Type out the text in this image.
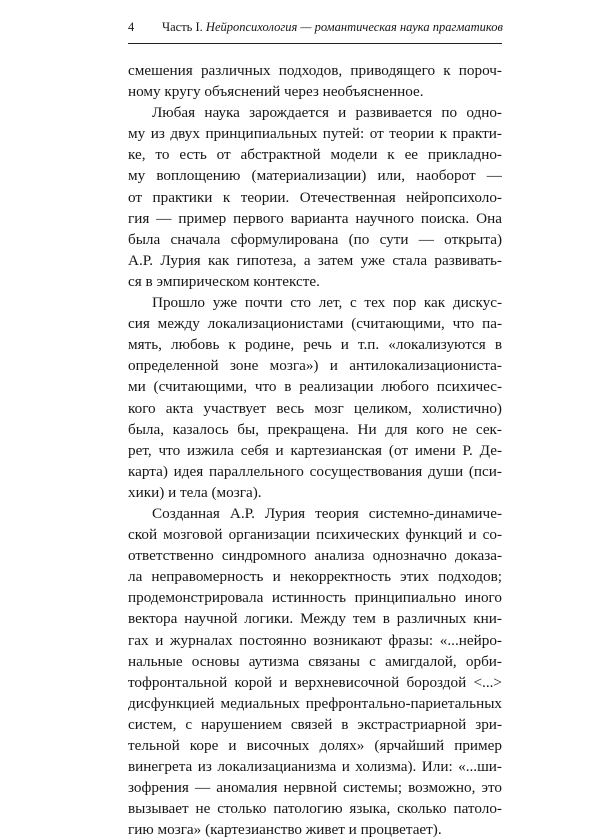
4	Часть I. Нейропсихология — романтическая наука прагматиков
смешения различных подходов, приводящего к пороч-
ному кругу объяснений через необъясненное.
Любая наука зарождается и развивается по одно-
му из двух принципиальных путей: от теории к практи-
ке, то есть от абстрактной модели к ее прикладно-
му воплощению (материализации) или, наоборот —
от практики к теории. Отечественная нейропсихоло-
гия — пример первого варианта научного поиска. Она
была сначала сформулирована (по сути — открыта)
А.Р. Лурия как гипотеза, а затем уже стала развивать-
ся в эмпирическом контексте.
Прошло уже почти сто лет, с тех пор как дискус-
сия между локализационистами (считающими, что па-
мять, любовь к родине, речь и т.п. «локализуются в
определенной зоне мозга») и антилокализациониста-
ми (считающими, что в реализации любого психичес-
кого акта участвует весь мозг целиком, холистично)
была, казалось бы, прекращена. Ни для кого не сек-
рет, что изжила себя и картезианская (от имени Р. Де-
карта) идея параллельного сосуществования души (пси-
хики) и тела (мозга).
Созданная А.Р. Лурия теория системно-динамиче-
ской мозговой организации психических функций и со-
ответственно синдромного анализа однозначно доказа-
ла неправомерность и некорректность этих подходов;
продемонстрировала истинность принципиально иного
вектора научной логики. Между тем в различных кни-
гах и журналах постоянно возникают фразы: «...нейро-
нальные основы аутизма связаны с амигдалой, орби-
тофронтальной корой и верхневисочной бороздой <...>
дисфункцией медиальных префронтально-париетальных
систем, с нарушением связей в экстрастриарной зри-
тельной коре и височных долях» (ярчайший пример
винегрета из локализацианизма и холизма). Или: «...ши-
зофрения — аномалия нервной системы; возможно, это
вызывает не столько патологию языка, сколько патоло-
гию мозга» (картезианство живет и процветает).
